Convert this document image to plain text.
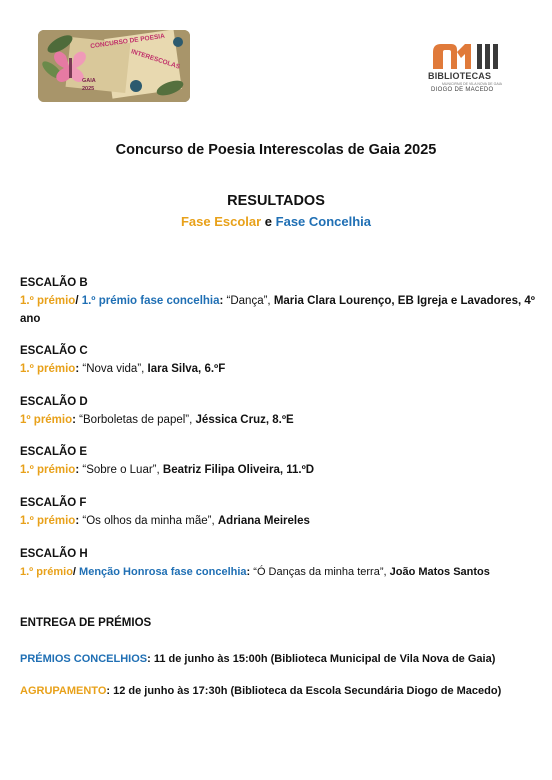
CONCURSO DE POESIA
INTERESCOLAS
GAIA
2025
BIBLIOTECAS
MUNICIPAIS DE VILA NOVA DE GAIA
DIOGO DE MACEDO
Concurso de Poesia Interescolas de Gaia 2025
RESULTADOS
Fase Escolar e Fase Concelhia
ESCALÃO B
1.º prémio/ 1.º prémio fase concelhia: “Dança”, Maria Clara Lourenço, EB Igreja e Lavadores, 4º ano
ESCALÃO C
1.º prémio: “Nova vida”, Iara Silva, 6.ºF
ESCALÃO D
1º prémio: “Borboletas de papel”, Jéssica Cruz, 8.ºE
ESCALÃO E
1.º prémio: “Sobre o Luar”, Beatriz Filipa Oliveira, 11.ºD
ESCALÃO F
1.º prémio: “Os olhos da minha mãe”, Adriana Meireles
ESCALÃO H
1.º prémio/ Menção Honrosa fase concelhia: “Ó Danças da minha terra”, João Matos Santos
ENTREGA DE PRÉMIOS
PRÉMIOS CONCELHIOS: 11 de junho às 15:00h (Biblioteca Municipal de Vila Nova de Gaia)
AGRUPAMENTO: 12 de junho às 17:30h (Biblioteca da Escola Secundária Diogo de Macedo)
